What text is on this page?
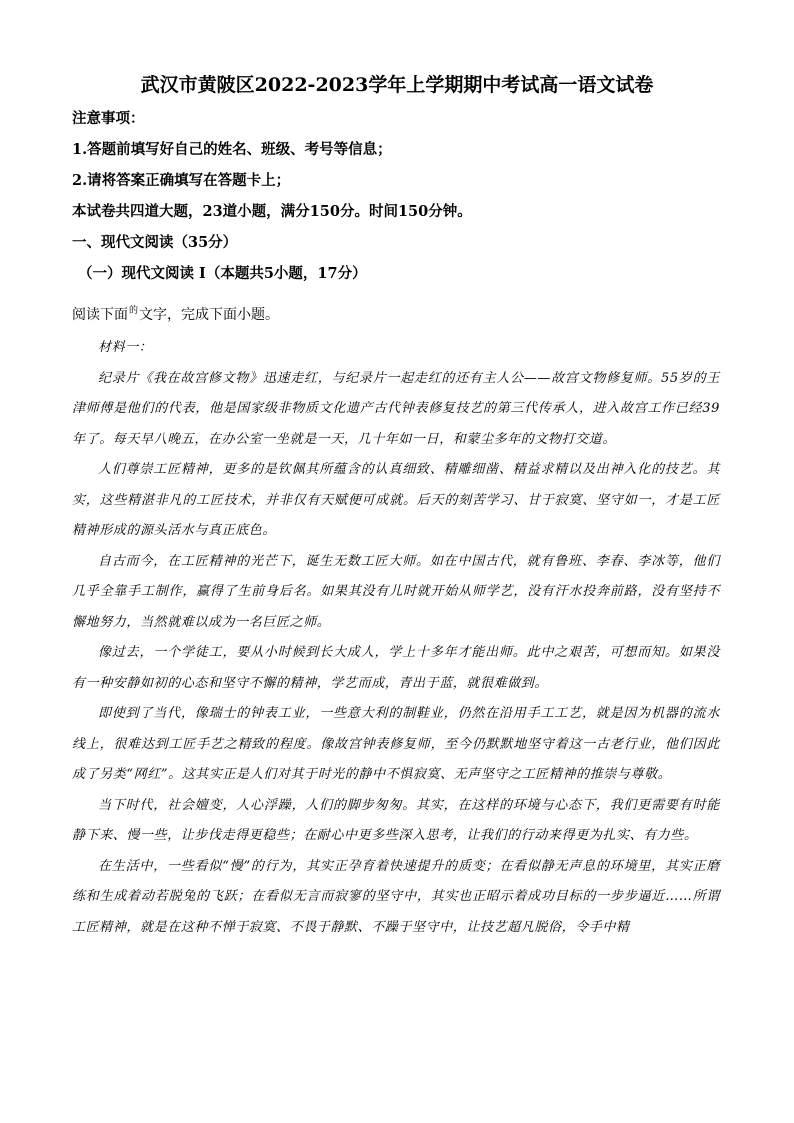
武汉市黄陂区2022-2023学年上学期期中考试高一语文试卷
注意事项：
1.答题前填写好自己的姓名、班级、考号等信息；
2.请将答案正确填写在答题卡上；
本试卷共四道大题，23道小题，满分150分。时间150分钟。
一、现代文阅读（35分）
（一）现代文阅读 I（本题共5小题，17分）
阅读下面$^的$文字，完成下面小题。

材料一：

纪录片《我在故宫修文物》迅速走红，与纪录片一起走红的还有主人公——故宫文物修复师。55岁的王津师傅是他们的代表，他是国家级非物质文化遗产古代钟表修复技艺的第三代传承人，进入故宫工作已经39年了。每天早八晚五，在办公室一坐就是一天，几十年如一日，和蒙尘多年的文物打交道。

人们尊崇工匠精神，更多的是钦佩其所蕴含的认真细致、精雕细凿、精益求精以及出神入化的技艺。其实，这些精湛非凡的工匠技术，并非仅有天赋便可成就。后天的刻苦学习、甘于寂寞、坚守如一，才是工匠精神形成的源头活水与真正底色。

自古而今，在工匠精神的光芒下，诞生无数工匠大师。如在中国古代，就有鲁班、李春、李冰等，他们几乎全靠手工制作，赢得了生前身后名。如果其没有儿时就开始从师学艺，没有汗水投奔前路，没有坚持不懈地努力，当然就难以成为一名巨匠之师。

像过去，一个学徒工，要从小时候到长大成人，学上十多年才能出师。此中之艰苦，可想而知。如果没有一种安静如初的心态和坚守不懈的精神，学艺而成，青出于蓝，就很难做到。

即使到了当代，像瑞士的钟表工业，一些意大利的制鞋业，仍然在沿用手工工艺，就是因为机器的流水线上，很难达到工匠手艺之精致的程度。像故宫钟表修复师，至今仍默默地坚守着这一古老行业，他们因此成了另类“网红”。这其实正是人们对其于时光的静中不惧寂寞、无声坚守之工匠精神的推崇与尊敬。

当下时代，社会嬗变，人心浮躁，人们的脚步匆匆。其实，在这样的环境与心态下，我们更需要有时能静下来、慢一些，让步伐走得更稳些；在耐心中更多些深入思考，让我们的行动来得更为扎实、有力些。

在生活中，一些看似“慢”的行为，其实正孕育着快速提升的质变；在看似静无声息的环境里，其实正磨练和生成着动若脱兔的飞跃；在看似无言而寂寥的坚守中，其实也正昭示着成功目标的一步步逼近……所谓工匠精神，就是在这种不惮于寂寞、不畏于静默、不躁于坚守中，让技艺超凡脱俗，令手中精
